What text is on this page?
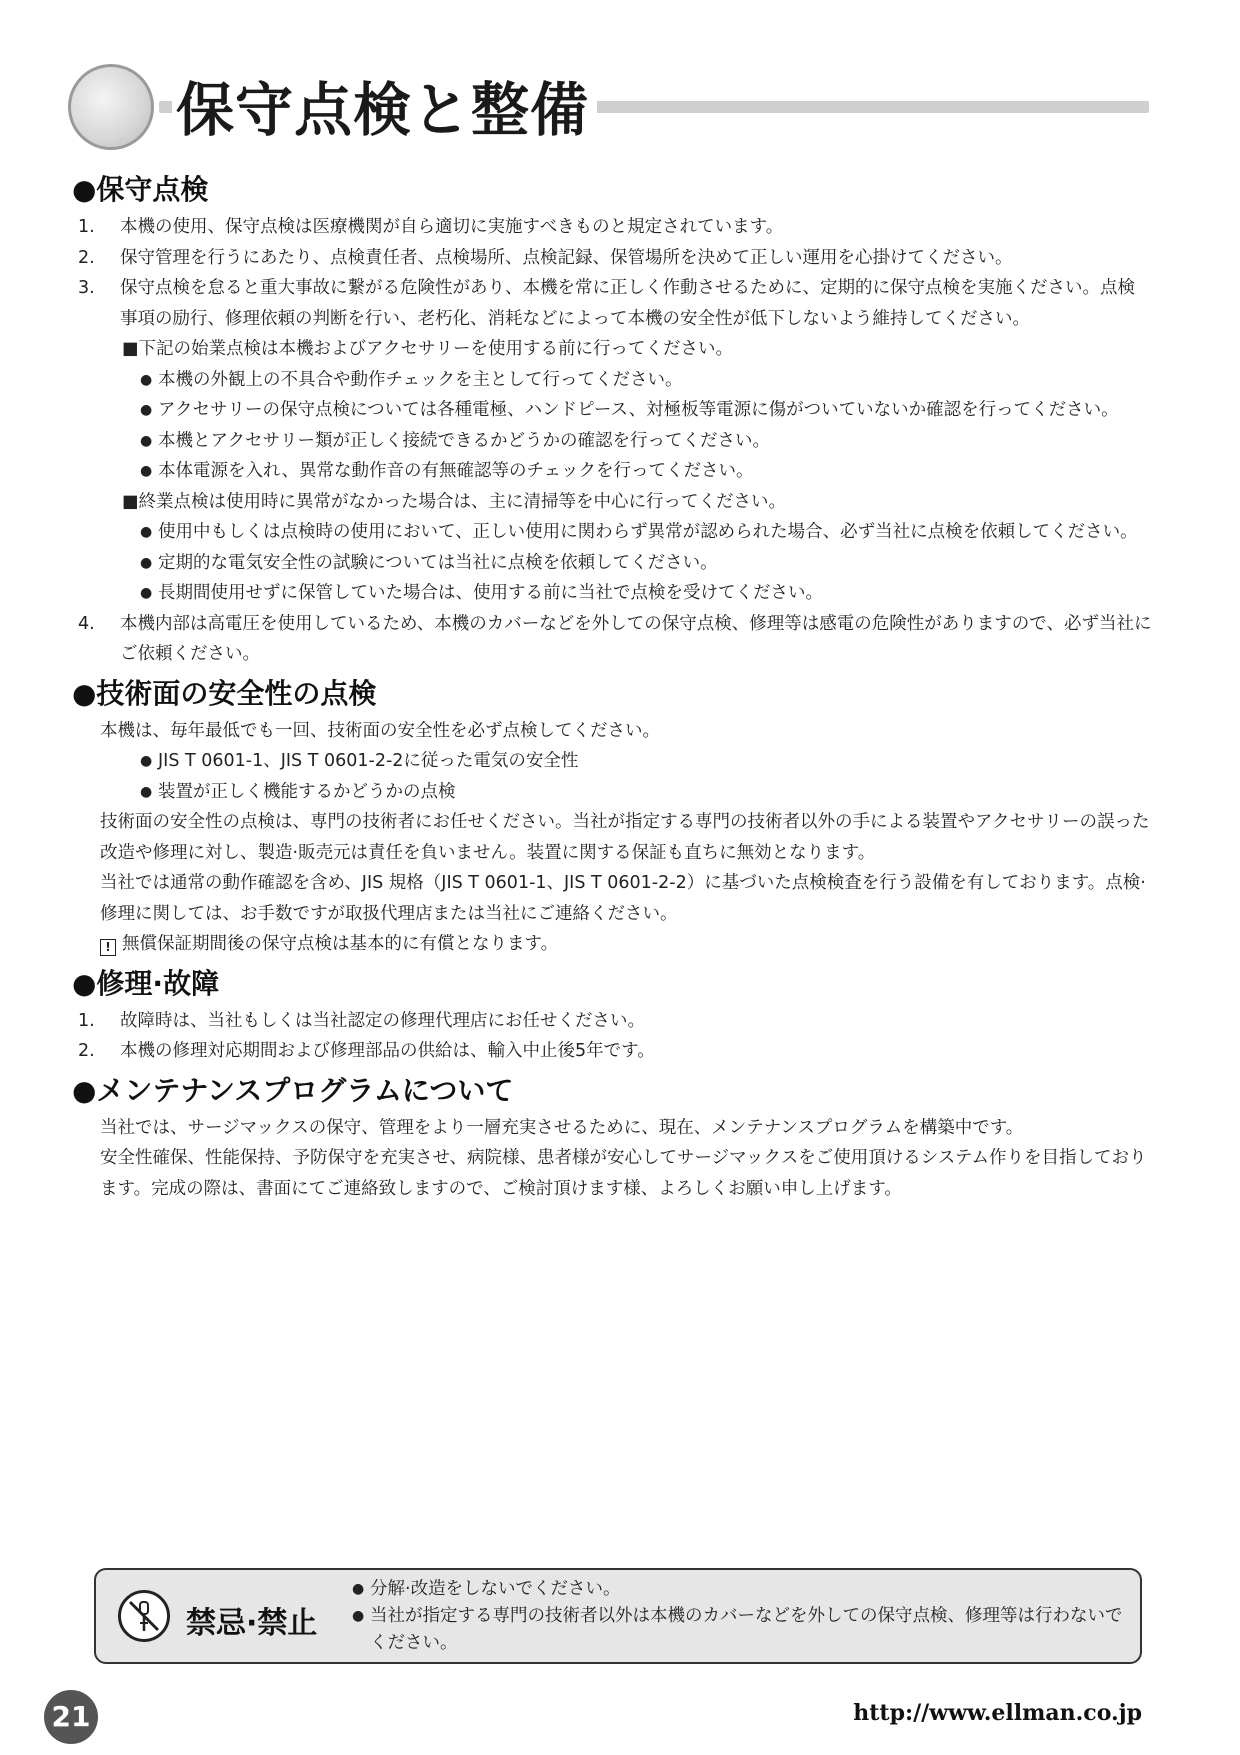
保守点検と整備
●保守点検
1. 本機の使用、保守点検は医療機関が自ら適切に実施すべきものと規定されています。
2. 保守管理を行うにあたり、点検責任者、点検場所、点検記録、保管場所を決めて正しい運用を心掛けてください。
3. 保守点検を怠ると重大事故に繋がる危険性があり、本機を常に正しく作動させるために、定期的に保守点検を実施ください。点検事項の励行、修理依頼の判断を行い、老朽化、消耗などによって本機の安全性が低下しないよう維持してください。
■下記の始業点検は本機およびアクセサリーを使用する前に行ってください。
● 本機の外観上の不具合や動作チェックを主として行ってください。
● アクセサリーの保守点検については各種電極、ハンドピース、対極板等電源に傷がついていないか確認を行ってください。
● 本機とアクセサリー類が正しく接続できるかどうかの確認を行ってください。
● 本体電源を入れ、異常な動作音の有無確認等のチェックを行ってください。
■終業点検は使用時に異常がなかった場合は、主に清掃等を中心に行ってください。
● 使用中もしくは点検時の使用において、正しい使用に関わらず異常が認められた場合、必ず当社に点検を依頼してください。
● 定期的な電気安全性の試験については当社に点検を依頼してください。
● 長期間使用せずに保管していた場合は、使用する前に当社で点検を受けてください。
4. 本機内部は高電圧を使用しているため、本機のカバーなどを外しての保守点検、修理等は感電の危険性がありますので、必ず当社にご依頼ください。
●技術面の安全性の点検
本機は、毎年最低でも一回、技術面の安全性を必ず点検してください。
● JIS T 0601-1、JIS T 0601-2-2に従った電気の安全性
● 装置が正しく機能するかどうかの点検
技術面の安全性の点検は、専門の技術者にお任せください。当社が指定する専門の技術者以外の手による装置やアクセサリーの誤った改造や修理に対し、製造·販売元は責任を負いません。装置に関する保証も直ちに無効となります。
当社では通常の動作確認を含め、JIS 規格（JIS T 0601-1、JIS T 0601-2-2）に基づいた点検検査を行う設備を有しております。点検·修理に関しては、お手数ですが取扱代理店または当社にご連絡ください。
! 無償保証期間後の保守点検は基本的に有償となります。
●修理·故障
1. 故障時は、当社もしくは当社認定の修理代理店にお任せください。
2. 本機の修理対応期間および修理部品の供給は、輸入中止後5年です。
●メンテナンスプログラムについて
当社では、サージマックスの保守、管理をより一層充実させるために、現在、メンテナンスプログラムを構築中です。
安全性確保、性能保持、予防保守を充実させ、病院様、患者様が安心してサージマックスをご使用頂けるシステム作りを目指しております。完成の際は、書面にてご連絡致しますので、ご検討頂けます様、よろしくお願い申し上げます。
禁忌·禁止
● 分解·改造をしないでください。
● 当社が指定する専門の技術者以外は本機のカバーなどを外しての保守点検、修理等は行わないでください。
21	http://www.ellman.co.jp
